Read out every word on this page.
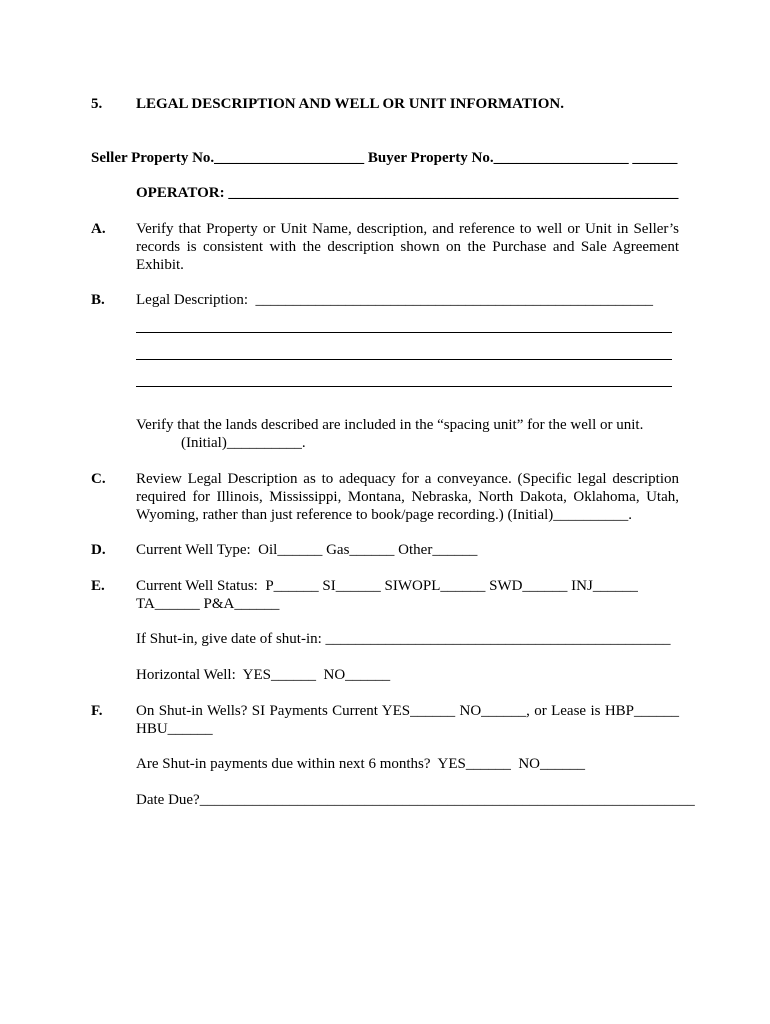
5. LEGAL DESCRIPTION AND WELL OR UNIT INFORMATION.
Seller Property No.____________________ Buyer Property No.__________________ ______
OPERATOR: ____________________________________________________________
A. Verify that Property or Unit Name, description, and reference to well or Unit in Seller’s records is consistent with the description shown on the Purchase and Sale Agreement Exhibit.
B. Legal Description:  _____________________________________________________
Verify that the lands described are included in the “spacing unit” for the well or unit.
(Initial)__________.
C. Review Legal Description as to adequacy for a conveyance. (Specific legal description required for Illinois, Mississippi, Montana, Nebraska, North Dakota, Oklahoma, Utah, Wyoming, rather than just reference to book/page recording.) (Initial)__________.
D. Current Well Type:  Oil______ Gas______ Other______
E. Current Well Status:  P______ SI______ SIWOPL______ SWD______ INJ______
TA______ P&A______
If Shut-in, give date of shut-in: ______________________________________________
Horizontal Well:  YES______  NO______
F. On Shut-in Wells? SI Payments Current YES______ NO______, or Lease is HBP______ HBU______
Are Shut-in payments due within next 6 months?  YES______  NO______
Date Due?__________________________________________________________________
